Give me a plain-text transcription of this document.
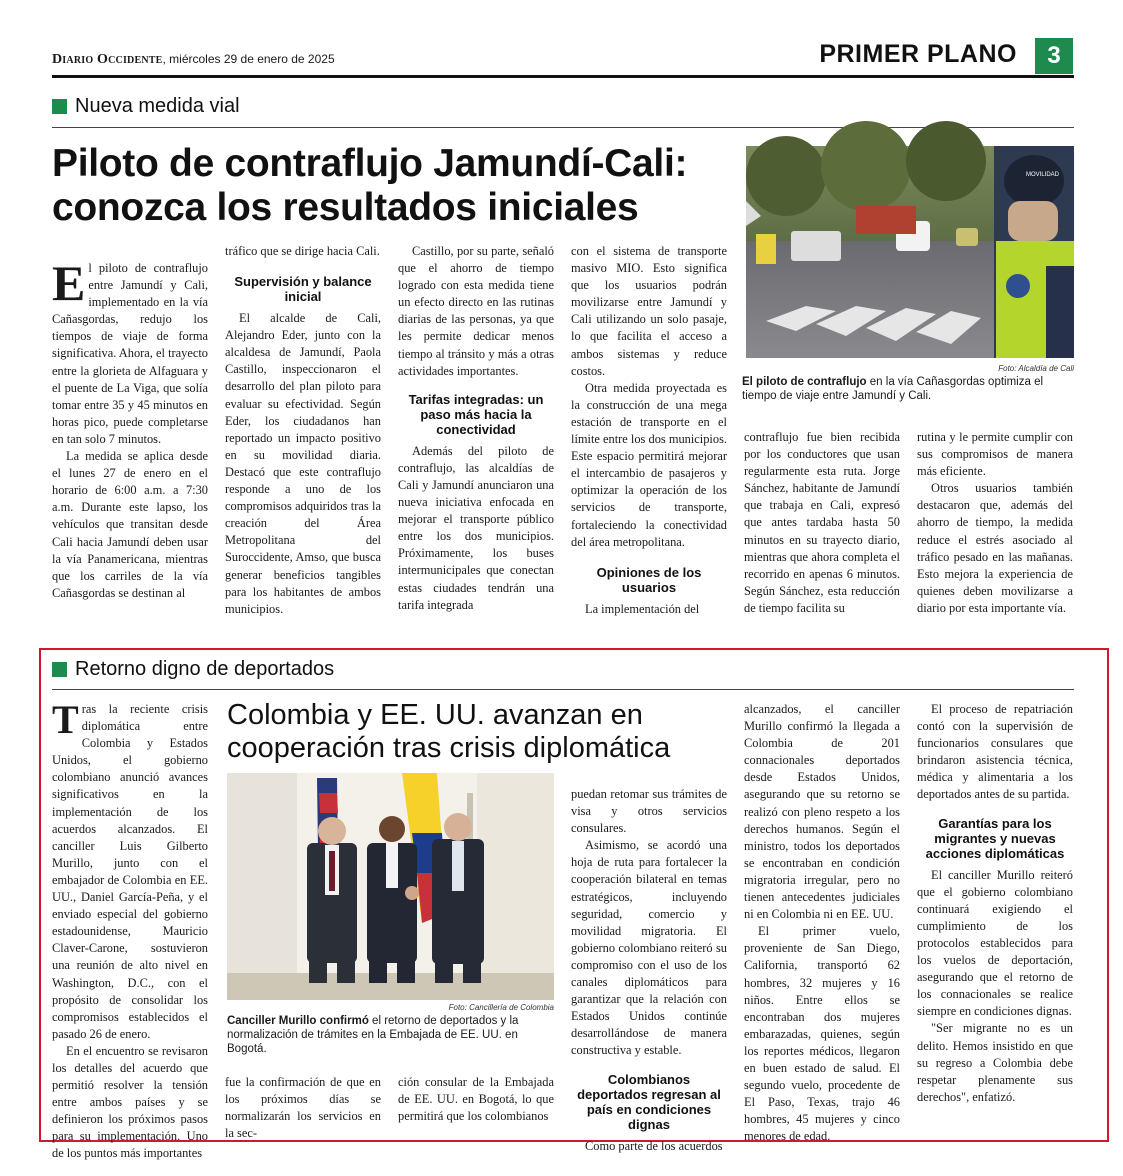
Diario Occidente, miércoles 29 de enero de 2025	PRIMER PLANO	3
Nueva medida vial
Piloto de contraflujo Jamundí-Cali:
conozca los resultados iniciales
MOVILIDAD
Foto: Alcaldía de Cali
El piloto de contraflujo en la vía Cañasgordas optimiza el tiempo de viaje entre Jamundí y Cali.

El piloto de contraflujo entre Jamundí y Cali, implementado en la vía Cañasgordas, redujo los tiempos de viaje de forma significativa. Ahora, el trayecto entre la glorieta de Alfaguara y el puente de La Viga, que solía tomar entre 35 y 45 minutos en horas pico, puede completarse en tan solo 7 minutos.

La medida se aplica desde el lunes 27 de enero en el horario de 6:00 a.m. a 7:30 a.m. Durante este lapso, los vehículos que transitan desde Cali hacia Jamundí deben usar la vía Panamericana, mientras que los carriles de la vía Cañasgordas se destinan al

tráfico que se dirige hacia Cali.

Supervisión y balance inicial

El alcalde de Cali, Alejandro Eder, junto con la alcaldesa de Jamundí, Paola Castillo, inspeccionaron el desarrollo del plan piloto para evaluar su efectividad. Según Eder, los ciudadanos han reportado un impacto positivo en su movilidad diaria. Destacó que este contraflujo responde a uno de los compromisos adquiridos tras la creación del Área Metropolitana del Suroccidente, Amso, que busca generar beneficios tangibles para los habitantes de ambos municipios.

Castillo, por su parte, señaló que el ahorro de tiempo logrado con esta medida tiene un efecto directo en las rutinas diarias de las personas, ya que les permite dedicar menos tiempo al tránsito y más a otras actividades importantes.

Tarifas integradas: un paso más hacia la conectividad

Además del piloto de contraflujo, las alcaldías de Cali y Jamundí anunciaron una nueva iniciativa enfocada en mejorar el transporte público entre los dos municipios. Próximamente, los buses intermunicipales que conectan estas ciudades tendrán una tarifa integrada

con el sistema de transporte masivo MIO. Esto significa que los usuarios podrán movilizarse entre Jamundí y Cali utilizando un solo pasaje, lo que facilita el acceso a ambos sistemas y reduce costos.

Otra medida proyectada es la construcción de una mega estación de transporte en el límite entre los dos municipios. Este espacio permitirá mejorar el intercambio de pasajeros y optimizar la operación de los servicios de transporte, fortaleciendo la conectividad del área metropolitana.

Opiniones de los usuarios

La implementación del

contraflujo fue bien recibida por los conductores que usan regularmente esta ruta. Jorge Sánchez, habitante de Jamundí que trabaja en Cali, expresó que antes tardaba hasta 50 minutos en su trayecto diario, mientras que ahora completa el recorrido en apenas 6 minutos. Según Sánchez, esta reducción de tiempo facilita su

rutina y le permite cumplir con sus compromisos de manera más eficiente.

Otros usuarios también destacaron que, además del ahorro de tiempo, la medida reduce el estrés asociado al tráfico pesado en las mañanas. Esto mejora la experiencia de quienes deben movilizarse a diario por esta importante vía.

Retorno digno de deportados
Colombia y EE. UU. avanzan en
cooperación tras crisis diplomática
Foto: Cancillería de Colombia
Canciller Murillo confirmó el retorno de deportados y la normalización de trámites en la Embajada de EE. UU. en Bogotá.

Tras la reciente crisis diplomática entre Colombia y Estados Unidos, el gobierno colombiano anunció avances significativos en la implementación de los acuerdos alcanzados. El canciller Luis Gilberto Murillo, junto con el embajador de Colombia en EE. UU., Daniel García-Peña, y el enviado especial del gobierno estadounidense, Mauricio Claver-Carone, sostuvieron una reunión de alto nivel en Washington, D.C., con el propósito de consolidar los compromisos establecidos el pasado 26 de enero.

En el encuentro se revisaron los detalles del acuerdo que permitió resolver la tensión entre ambos países y se definieron los próximos pasos para su implementación. Uno de los puntos más importantes

fue la confirmación de que en los próximos días se normalizarán los servicios en la sec-

ción consular de la Embajada de EE. UU. en Bogotá, lo que permitirá que los colombianos

puedan retomar sus trámites de visa y otros servicios consulares.

Asimismo, se acordó una hoja de ruta para fortalecer la cooperación bilateral en temas estratégicos, incluyendo seguridad, comercio y movilidad migratoria. El gobierno colombiano reiteró su compromiso con el uso de los canales diplomáticos para garantizar que la relación con Estados Unidos continúe desarrollándose de manera constructiva y estable.

Colombianos deportados regresan al país en condiciones dignas

Como parte de los acuerdos

alcanzados, el canciller Murillo confirmó la llegada a Colombia de 201 connacionales deportados desde Estados Unidos, asegurando que su retorno se realizó con pleno respeto a los derechos humanos. Según el ministro, todos los deportados se encontraban en condición migratoria irregular, pero no tienen antecedentes judiciales ni en Colombia ni en EE. UU.

El primer vuelo, proveniente de San Diego, California, transportó 62 hombres, 32 mujeres y 16 niños. Entre ellos se encontraban dos mujeres embarazadas, quienes, según los reportes médicos, llegaron en buen estado de salud. El segundo vuelo, procedente de El Paso, Texas, trajo 46 hombres, 45 mujeres y cinco menores de edad.

El proceso de repatriación contó con la supervisión de funcionarios consulares que brindaron asistencia técnica, médica y alimentaria a los deportados antes de su partida.

Garantías para los migrantes y nuevas acciones diplomáticas

El canciller Murillo reiteró que el gobierno colombiano continuará exigiendo el cumplimiento de los protocolos establecidos para los vuelos de deportación, asegurando que el retorno de los connacionales se realice siempre en condiciones dignas.

"Ser migrante no es un delito. Hemos insistido en que su regreso a Colombia debe respetar plenamente sus derechos", enfatizó.
